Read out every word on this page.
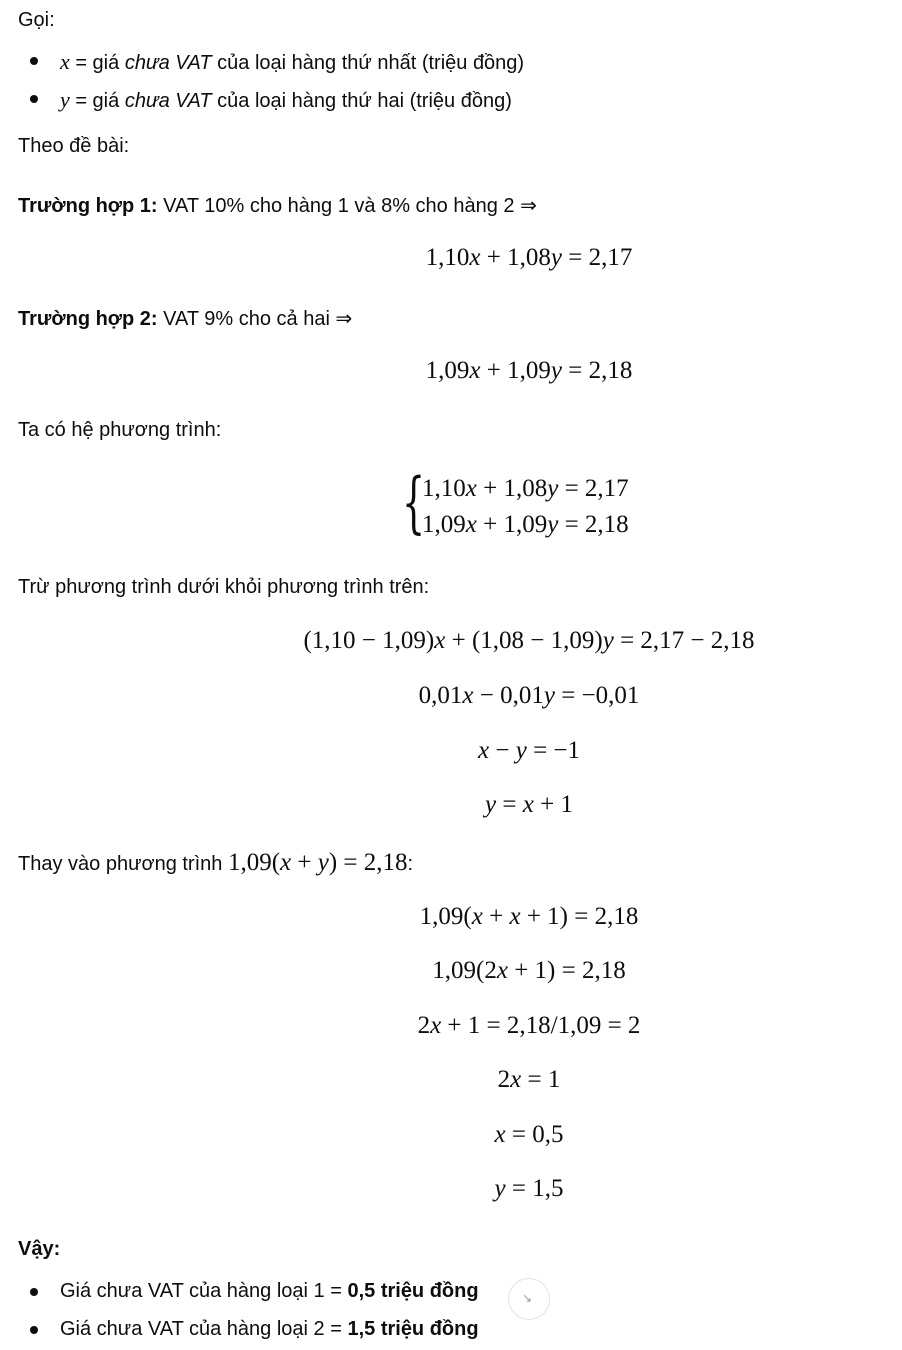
Gọi:
x = giá chưa VAT của loại hàng thứ nhất (triệu đồng)
y = giá chưa VAT của loại hàng thứ hai (triệu đồng)
Theo đề bài:
Trường hợp 1: VAT 10% cho hàng 1 và 8% cho hàng 2 ⇒
1,10x + 1,08y = 2,17
Trường hợp 2: VAT 9% cho cả hai ⇒
1,09x + 1,09y = 2,18
Ta có hệ phương trình:
{
1,10x + 1,08y = 2,17
1,09x + 1,09y = 2,18
Trừ phương trình dưới khỏi phương trình trên:
(1,10 − 1,09)x + (1,08 − 1,09)y = 2,17 − 2,18
0,01x − 0,01y = −0,01
x − y = −1
y = x + 1
Thay vào phương trình 1,09(x + y) = 2,18:
1,09(x + x + 1) = 2,18
1,09(2x + 1) = 2,18
2x + 1 = 2,18/1,09 = 2
2x = 1
x = 0,5
y = 1,5
Vậy:
Giá chưa VAT của hàng loại 1 = 0,5 triệu đồng	↘
Giá chưa VAT của hàng loại 2 = 1,5 triệu đồng
